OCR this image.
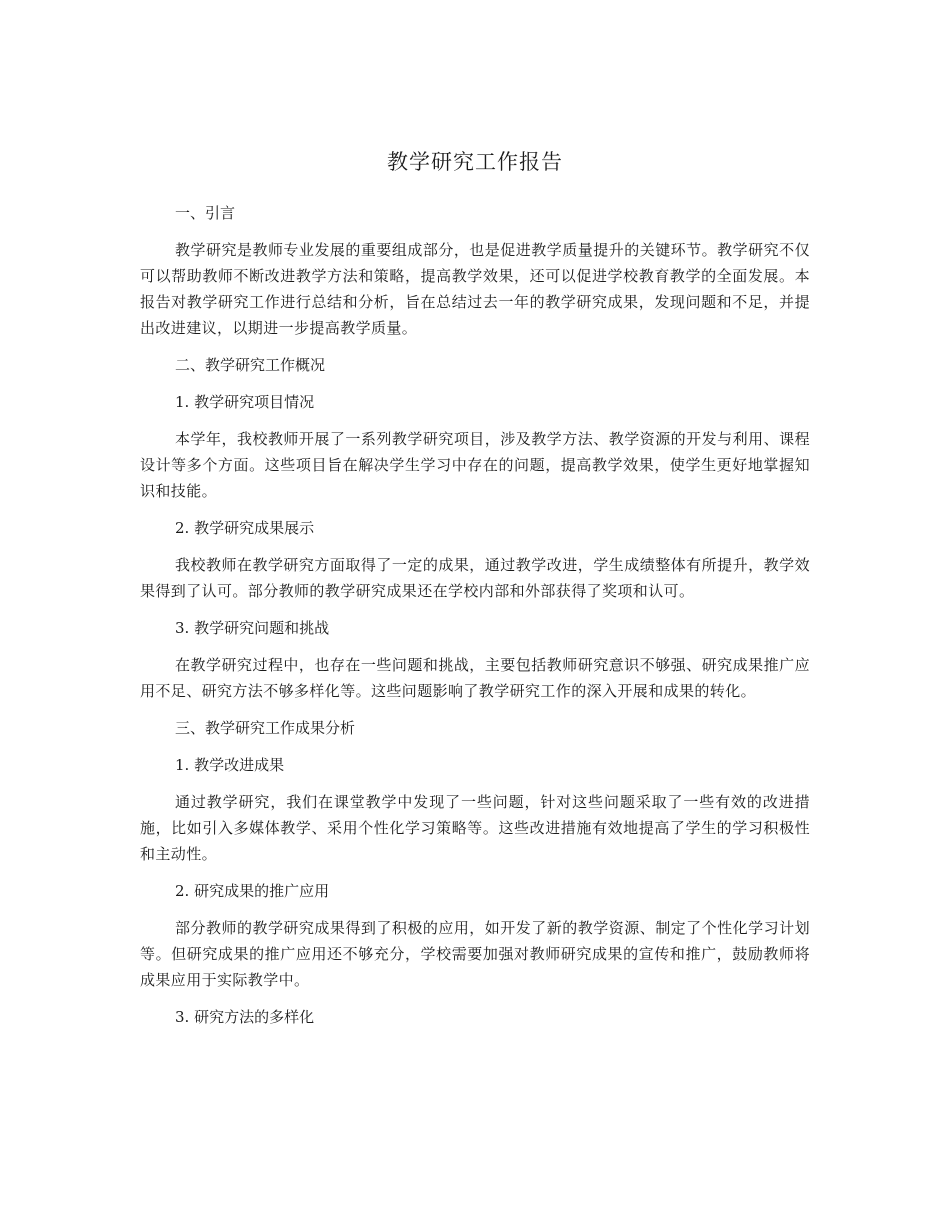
教学研究工作报告

一、引言

教学研究是教师专业发展的重要组成部分，也是促进教学质量提升的关键环节。教学研究不仅可以帮助教师不断改进教学方法和策略，提高教学效果，还可以促进学校教育教学的全面发展。本报告对教学研究工作进行总结和分析，旨在总结过去一年的教学研究成果，发现问题和不足，并提出改进建议，以期进一步提高教学质量。

二、教学研究工作概况

1. 教学研究项目情况

本学年，我校教师开展了一系列教学研究项目，涉及教学方法、教学资源的开发与利用、课程设计等多个方面。这些项目旨在解决学生学习中存在的问题，提高教学效果，使学生更好地掌握知识和技能。

2. 教学研究成果展示

我校教师在教学研究方面取得了一定的成果，通过教学改进，学生成绩整体有所提升，教学效果得到了认可。部分教师的教学研究成果还在学校内部和外部获得了奖项和认可。

3. 教学研究问题和挑战

在教学研究过程中，也存在一些问题和挑战，主要包括教师研究意识不够强、研究成果推广应用不足、研究方法不够多样化等。这些问题影响了教学研究工作的深入开展和成果的转化。

三、教学研究工作成果分析

1. 教学改进成果

通过教学研究，我们在课堂教学中发现了一些问题，针对这些问题采取了一些有效的改进措施，比如引入多媒体教学、采用个性化学习策略等。这些改进措施有效地提高了学生的学习积极性和主动性。

2. 研究成果的推广应用

部分教师的教学研究成果得到了积极的应用，如开发了新的教学资源、制定了个性化学习计划等。但研究成果的推广应用还不够充分，学校需要加强对教师研究成果的宣传和推广，鼓励教师将成果应用于实际教学中。

3. 研究方法的多样化
